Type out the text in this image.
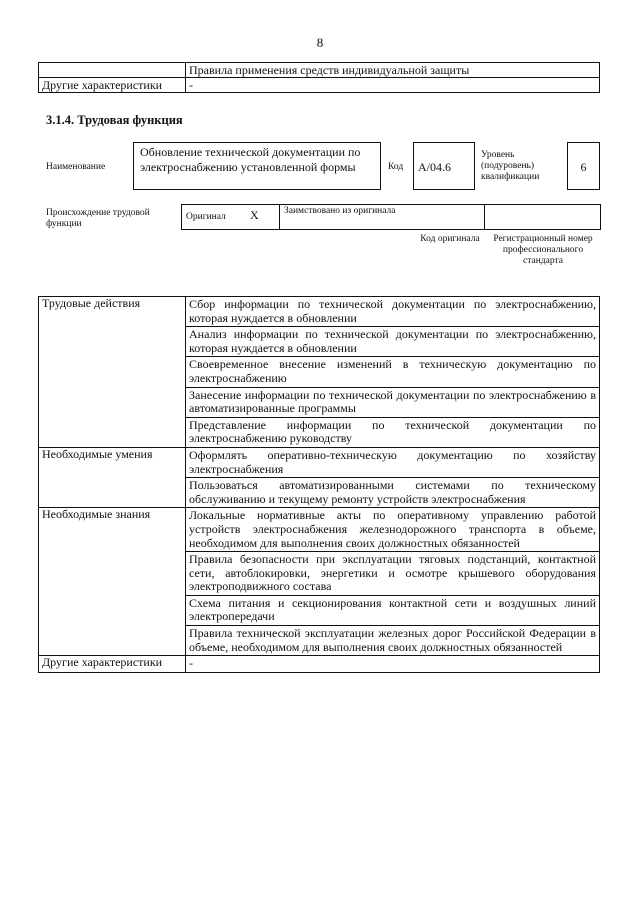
8
	Правила применения средств индивидуальной защиты
Другие характеристики	-
3.1.4. Трудовая функция
Наименование
Обновление технической документации по электроснабжению установленной формы	Код	А/04.6
Уровень (подуровень) квалификации
6
Происхождение трудовой функции
Оригинал X	Заимствовано из оригинала
Код оригинала	Регистрационный номер профессионального стандарта
Трудовые действия	Сбор информации по технической документации по электроснабжению, которая нуждается в обновлении
	Анализ информации по технической документации по электроснабжению, которая нуждается в обновлении
	Своевременное внесение изменений в техническую документацию по электроснабжению
	Занесение информации по технической документации по электроснабжению в автоматизированные программы
	Представление информации по технической документации по электроснабжению руководству
Необходимые умения	Оформлять оперативно-техническую документацию по хозяйству электроснабжения
	Пользоваться автоматизированными системами по техническому обслуживанию и текущему ремонту устройств электроснабжения
Необходимые знания	Локальные нормативные акты по оперативному управлению работой устройств электроснабжения железнодорожного транспорта в объеме, необходимом для выполнения своих должностных обязанностей
	Правила безопасности при эксплуатации тяговых подстанций, контактной сети, автоблокировки, энергетики и осмотре крышевого оборудования электроподвижного состава
	Схема питания и секционирования контактной сети и воздушных линий электропередачи
	Правила технической эксплуатации железных дорог Российской Федерации в объеме, необходимом для выполнения своих должностных обязанностей
Другие характеристики	-
